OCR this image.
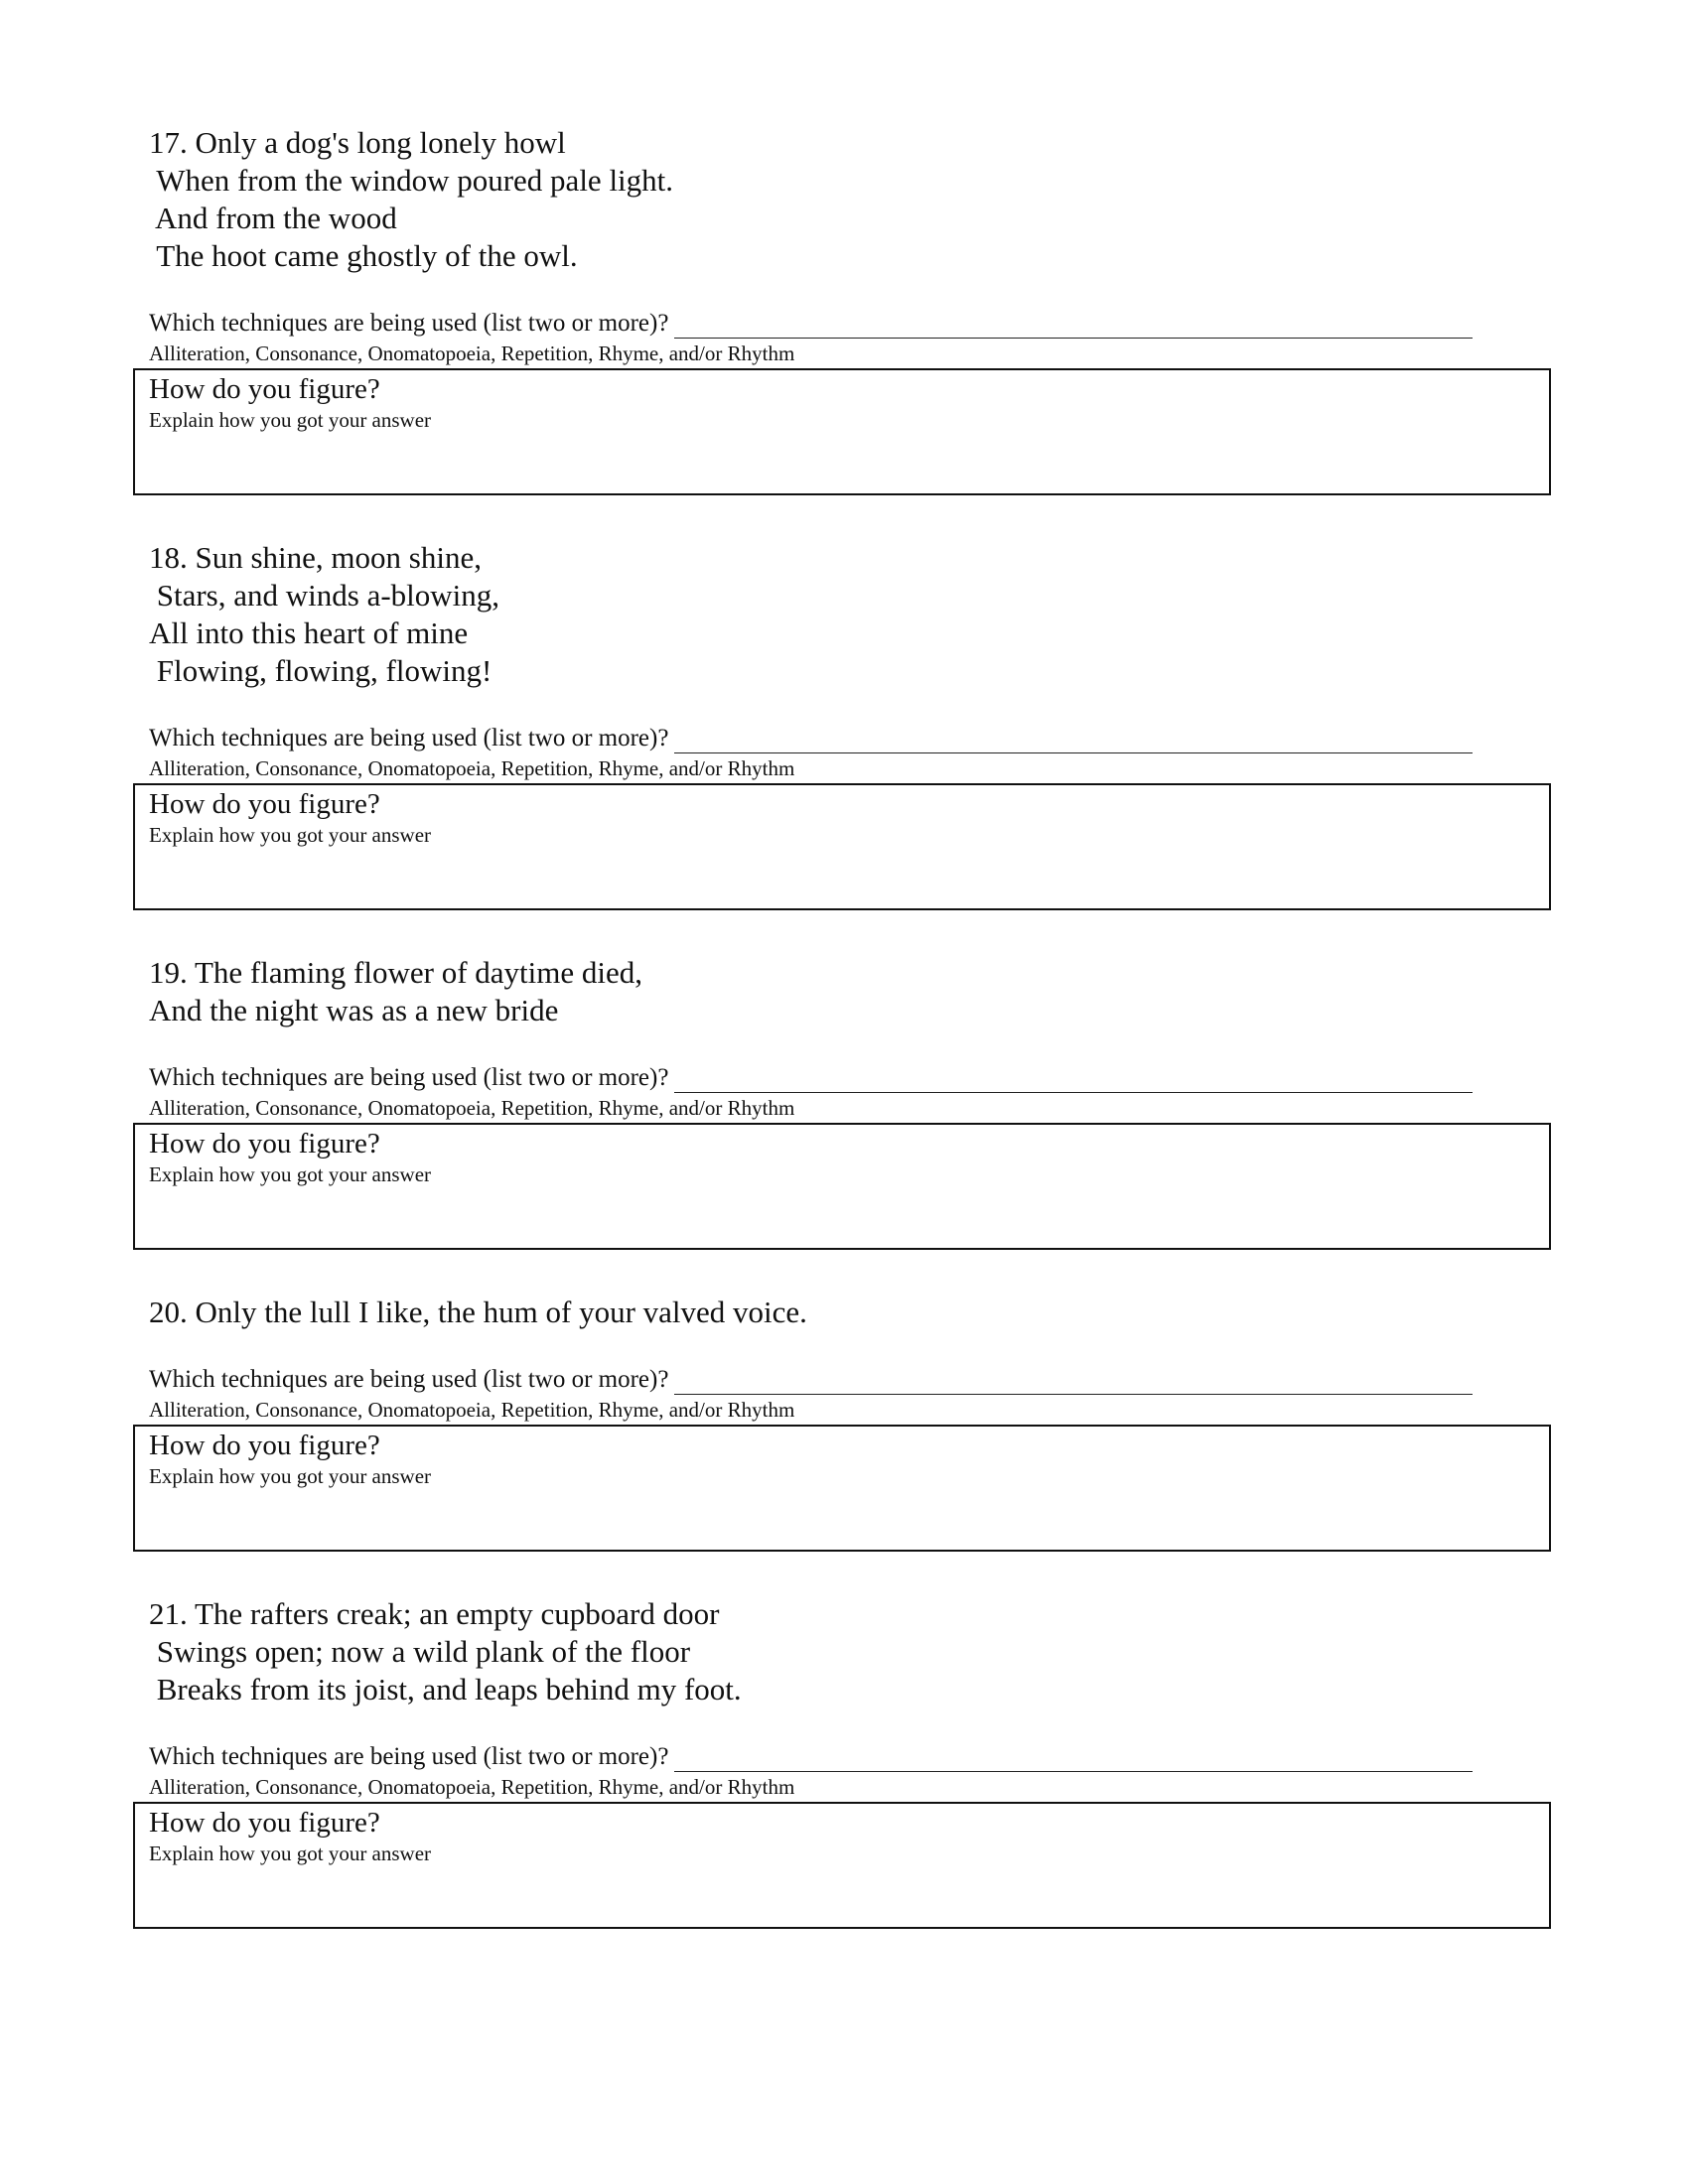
17. Only a dog's long lonely howl
When from the window poured pale light.
And from the wood
The hoot came ghostly of the owl.

Which techniques are being used (list two or more)?
Alliteration, Consonance, Onomatopoeia, Repetition, Rhyme, and/or Rhythm
How do you figure?
Explain how you got your answer

18. Sun shine, moon shine,
Stars, and winds a-blowing,
All into this heart of mine
Flowing, flowing, flowing!

Which techniques are being used (list two or more)?
Alliteration, Consonance, Onomatopoeia, Repetition, Rhyme, and/or Rhythm
How do you figure?
Explain how you got your answer

19. The flaming flower of daytime died,
And the night was as a new bride

Which techniques are being used (list two or more)?
Alliteration, Consonance, Onomatopoeia, Repetition, Rhyme, and/or Rhythm
How do you figure?
Explain how you got your answer

20. Only the lull I like, the hum of your valved voice.

Which techniques are being used (list two or more)?
Alliteration, Consonance, Onomatopoeia, Repetition, Rhyme, and/or Rhythm
How do you figure?
Explain how you got your answer

21. The rafters creak; an empty cupboard door
Swings open; now a wild plank of the floor
Breaks from its joist, and leaps behind my foot.

Which techniques are being used (list two or more)?
Alliteration, Consonance, Onomatopoeia, Repetition, Rhyme, and/or Rhythm
How do you figure?
Explain how you got your answer
